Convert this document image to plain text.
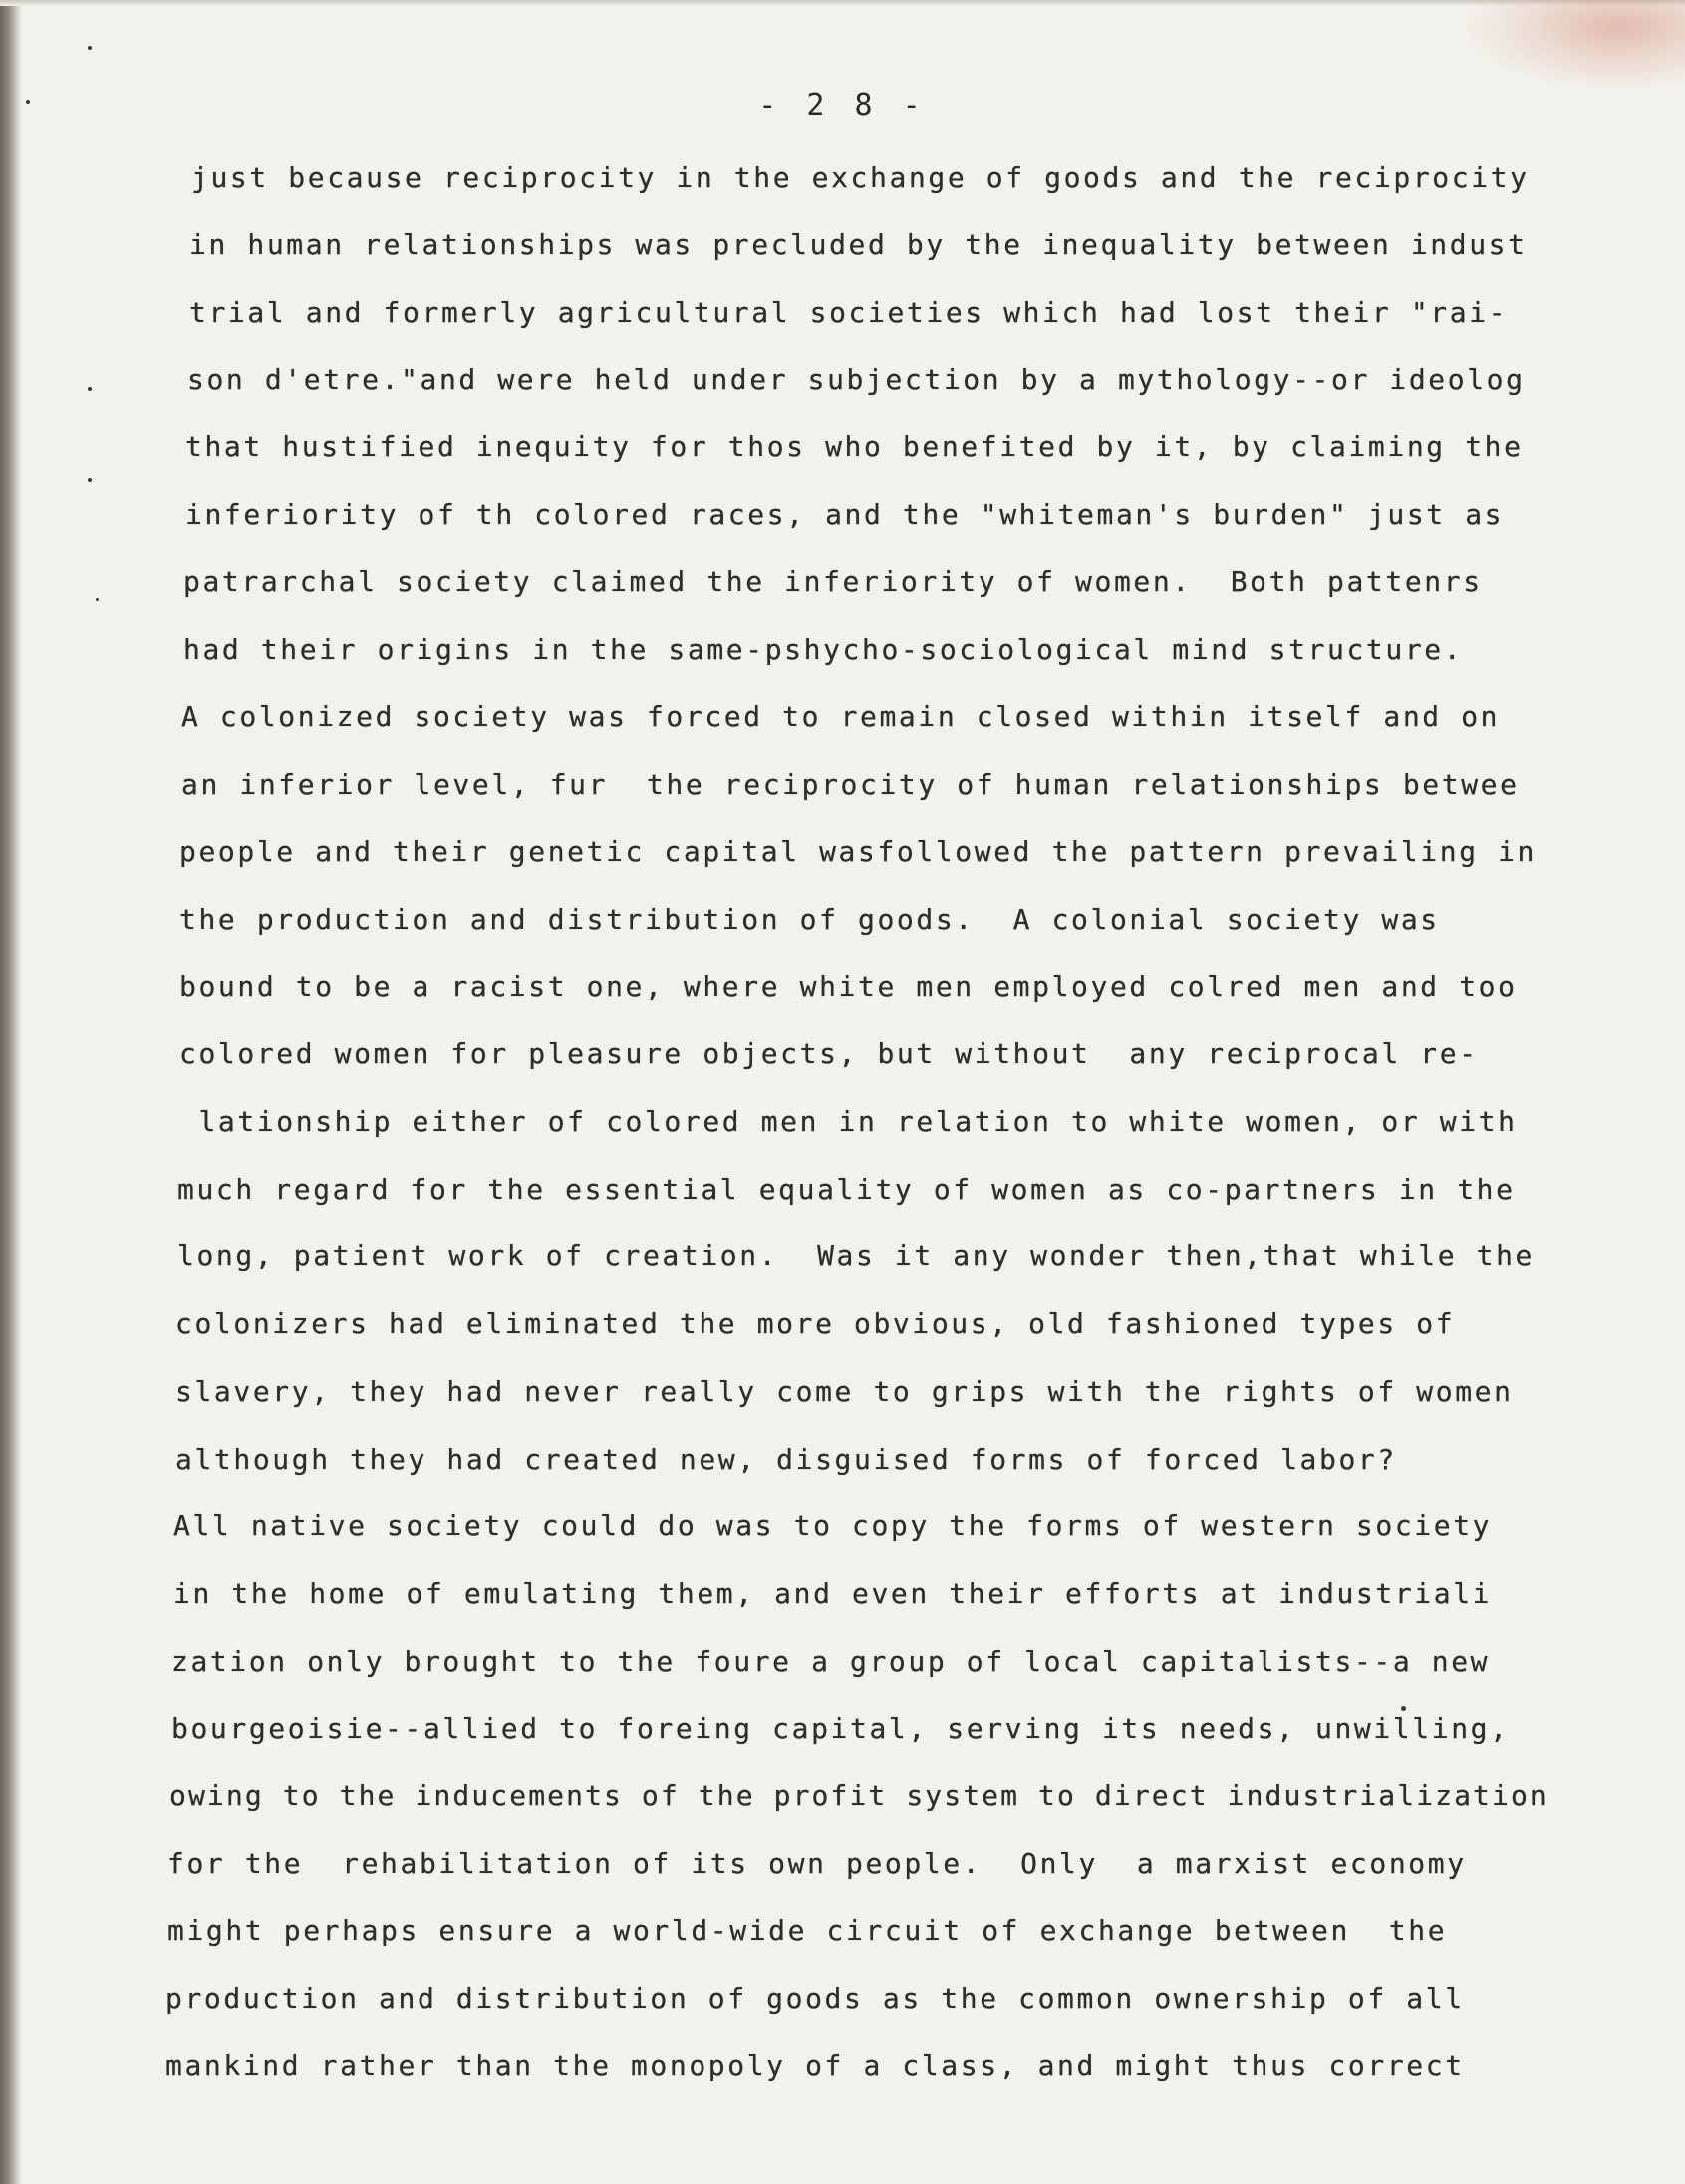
- 2 8 -
just because reciprocity in the exchange of goods and the reciprocity
in human relationships was precluded by the inequality between indust
trial and formerly agricultural societies which had lost their "rai-
son d'etre."and were held under subjection by a mythology--or ideolog
that hustified inequity for thos who benefited by it, by claiming the
inferiority of th colored races, and the "whiteman's burden" just as
patrarchal society claimed the inferiority of women.  Both pattenrs
had their origins in the same-pshycho-sociological mind structure.
A colonized society was forced to remain closed within itself and on
an inferior level, fur  the reciprocity of human relationships betwee
people and their genetic capital wasfollowed the pattern prevailing in
the production and distribution of goods.  A colonial society was
bound to be a racist one, where white men employed colred men and too
colored women for pleasure objects, but without  any reciprocal re-
lationship either of colored men in relation to white women, or with
much regard for the essential equality of women as co-partners in the
long, patient work of creation.  Was it any wonder then,that while the
colonizers had eliminated the more obvious, old fashioned types of
slavery, they had never really come to grips with the rights of women
although they had created new, disguised forms of forced labor?
All native society could do was to copy the forms of western society
in the home of emulating them, and even their efforts at industriali
zation only brought to the foure a group of local capitalists--a new
bourgeoisie--allied to foreing capital, serving its needs, unwilling,
owing to the inducements of the profit system to direct industrialization
for the  rehabilitation of its own people.  Only  a marxist economy
might perhaps ensure a world-wide circuit of exchange between  the
production and distribution of goods as the common ownership of all
mankind rather than the monopoly of a class, and might thus correct
